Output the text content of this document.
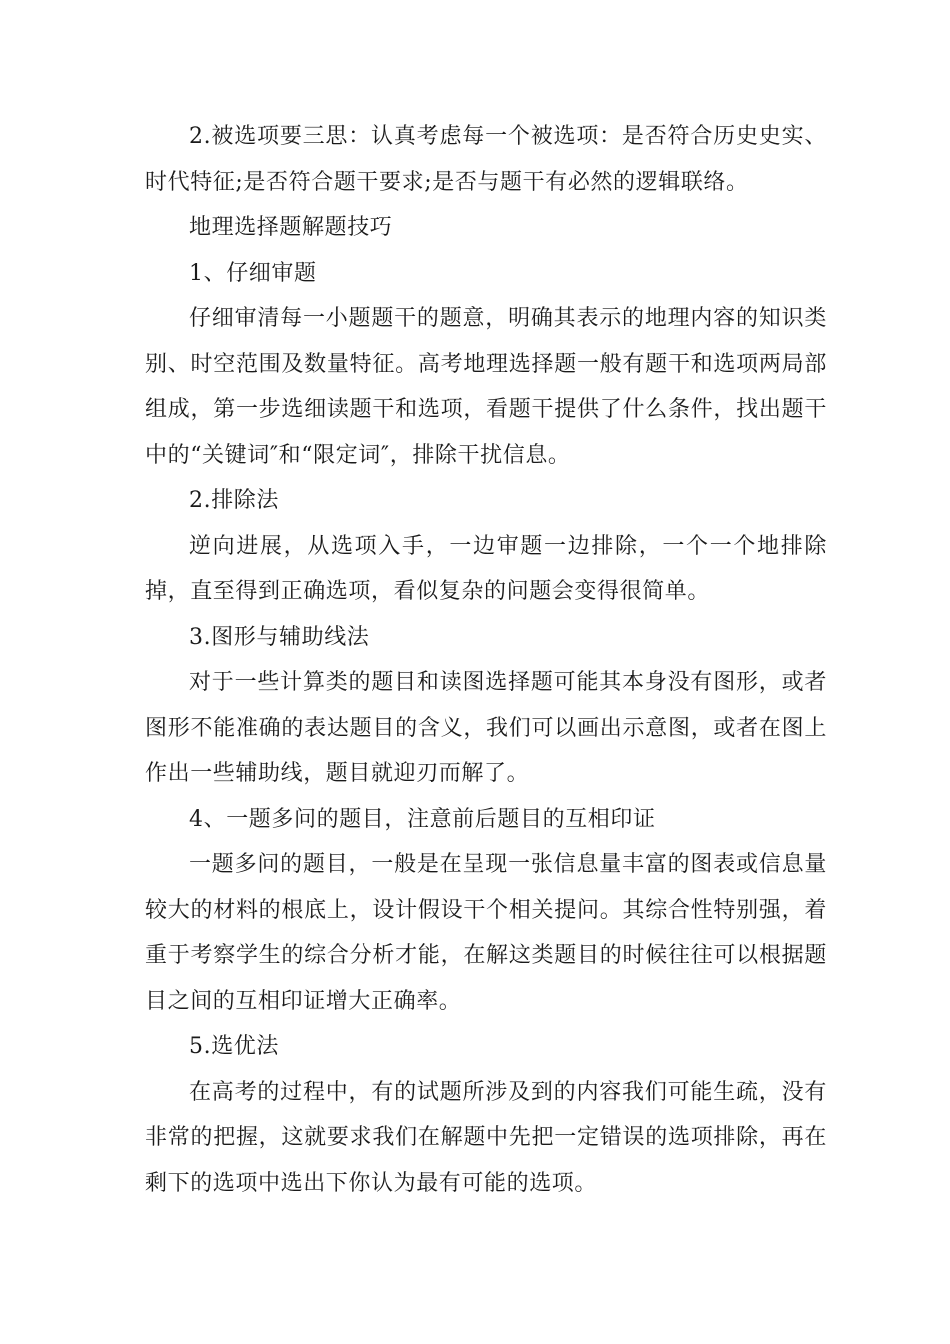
2.被选项要三思：认真考虑每一个被选项：是否符合历史史实、时代特征;是否符合题干要求;是否与题干有必然的逻辑联络。

地理选择题解题技巧

1、仔细审题

仔细审清每一小题题干的题意，明确其表示的地理内容的知识类别、时空范围及数量特征。高考地理选择题一般有题干和选项两局部组成，第一步选细读题干和选项，看题干提供了什么条件，找出题干中的“关键词″和“限定词″，排除干扰信息。

2.排除法

逆向进展，从选项入手，一边审题一边排除，一个一个地排除掉，直至得到正确选项，看似复杂的问题会变得很简单。

3.图形与辅助线法

对于一些计算类的题目和读图选择题可能其本身没有图形，或者图形不能准确的表达题目的含义，我们可以画出示意图，或者在图上作出一些辅助线，题目就迎刃而解了。

4、一题多问的题目，注意前后题目的互相印证

一题多问的题目，一般是在呈现一张信息量丰富的图表或信息量较大的材料的根底上，设计假设干个相关提问。其综合性特别强，着重于考察学生的综合分析才能，在解这类题目的时候往往可以根据题目之间的互相印证增大正确率。

5.选优法

在高考的过程中，有的试题所涉及到的内容我们可能生疏，没有非常的把握，这就要求我们在解题中先把一定错误的选项排除，再在剩下的选项中选出下你认为最有可能的选项。
